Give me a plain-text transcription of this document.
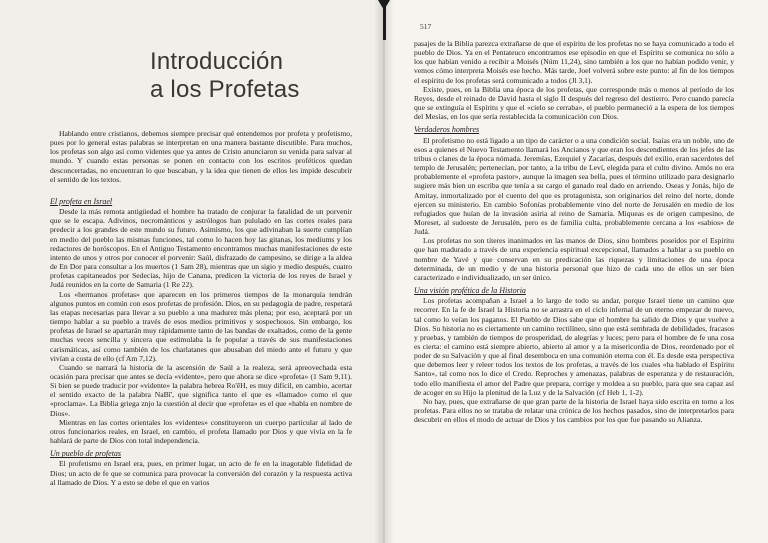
Introducción
a los Profetas

Hablando entre cristianos, debemos siempre precisar qué entendemos por profeta y profetismo, pues por lo general estas palabras se interpretan en una manera bastante discutible. Para muchos, los profetas son algo así como videntes que ya antes de Cristo anunciaron su venida para salvar al mundo. Y cuando estas personas se ponen en contacto con los escritos proféticos quedan desconcertadas, no encuentran lo que buscaban, y la idea que tienen de ellos les impide descubrir el sentido de los textos.

El profeta en Israel

Desde la más remota antigüedad el hombre ha tratado de conjurar la fatalidad de un porvenir que se le escapa. Adivinos, necrománticos y astrólogos han pululado en las cortes reales para predecir a los grandes de este mundo su futuro. Asimismo, los que adivinaban la suerte cumplían en medio del pueblo las mismas funciones, tal como lo hacen hoy las gitanas, los mediums y los redactores de horóscopos. En el Antiguo Testamento encontramos muchas manifestaciones de este intento de unos y otros por conocer el porvenir: Saúl, disfrazado de campesino, se dirige a la aldea de En Dor para consultar a los muertos (1 Sam 28), mientras que un sigio y medio después, cuatro profetas capitaneados por Sedecías, hijo de Canana, predicen la victoria de los reyes de Israel y Judá reunidos en la corte de Samaria (1 Re 22).

Los «hermanos profetas» que aparecen en los primeros tiempos de la monarquía tendrán algunos puntos en común con esos profetas de profesión. Dios, en su pedagogía de padre, respetará las etapas necesarias para llevar a su pueblo a una madurez más plena; por eso, aceptará por un tiempo hablar a su pueblo a través de esos medios primitivos y sospechosos. Sin embargo, los profetas de Israel se apartarán muy rápidamente tanto de las bandas de exaltados, como de la gente muchas veces sencilla y sincera que estimulaba la fe popular a través de sus manifestaciones carismáticas, así como también de los charlatanes que abusaban del miedo ante el futuro y que vivían a costa de ello (cf Am 7,12).

Cuando se narrará la historia de la ascensión de Saúl a la realeza, será apreovechada esta ocasión para precisar que antes se decía «vidente», pero que ahora se dice «profeta» (1 Sam 9,11). Si bien se puede traducir por «vidente» la palabra hebrea Ro'ēH, es muy difícil, en cambio, acertar el sentido exacto de la palabra NaBî', que significa tanto el que es «llamado» como el que «proclama». La Biblia griega znjo la cuestión al decir que «profeta» es el que «habla en nombre de Dios».

Mientras en las cortes orientales los «videntes» constituyeron un cuerpo particular al lado de otros funcionarios reales, en Israel, en cambio, el profeta llamado por Dios y que vivía en la fe hablará de parte de Dios con total independencia.

Un pueblo de profetas

El profetismo en Israel era, pues, en primer lugar, un acto de fe en la inagotable fidelidad de Dios; un acto de fe que se comunica para provocar la conversión del corazón y la respuesta activa al llamado de Dios. Y a esto se debe el que en varios

517

pasajes de la Biblia parezca extrañarse de que el espíritu de los profetas no se haya comunicado a todo el pueblo de Dios. Ya en el Pentateuco encontramos ese episodio en que el Espíritu se comunica no sólo a los que habían venido a recibir a Moisés (Núm 11,24), sino también a los que no habían podido venir, y vemos cómo interpreta Moisés ese hecho. Más tarde, Joel volverá sobre este punto: al fin de los tiempos el espíritu de los profetas será comunicado a todos (Jl 3,1).

Existe, pues, en la Biblia una época de los profetas, que corresponde más o menos al período de los Reyes, desde el reinado de David hasta el siglo II después del regreso del destierro. Pero cuando parecía que se extinguía el Espíritu y que el «cielo se cerraba», el pueblo permaneció a la espera de los tiempos del Mesías, en los que sería restablecida la comunicación con Dios.

Verdaderos hombres

El profetismo no está ligado a un tipo de carácter o a una condición social. Isaías era un noble, uno de esos a quienes el Nuevo Testamento llamará los Ancianos y que eran los descendientes de los jefes de las tribus o clanes de la época nómada. Jeremías, Ezequiel y Zacarías, después del exilio, eran sacerdotes del templo de Jerusalén; pertenecían, por tanto, a la tribu de Leví, elegida para el culto divino. Amós no era probablemente el «profeta pastor», aunque la imagen sea bella, pues el término utilizado para designarlo sugiere más bien un escriba que tenía a su cargo el ganado real dado en arriendo. Oseas y Jonás, hijo de Amitay, inmortalizado por el cuento del que es protagonista, son originarios del reino del norte, donde ejercen su ministerio. En cambio Sofonías probablemente vino del norte de Jerusalén en medio de los refugiados que huían de la invasión asiria al reino de Samaría. Miqueas es de origen campesino, de Moreset, al sudoeste de Jerusalén, pero es de familia culta, probablemente cercana a los «sabios» de Judá.

Los profetas no son títeres inanimados en las manos de Dios, sino hombres poseídos por el Espíritu que han madurado a través de una experiencia espiritual excepcional, llamados a hablar a su pueblo en nombre de Yavé y que conservan en su predicación las riquezas y limitaciones de una época determinada, de un medio y de una historia personal que hizo de cada uno de ellos un ser bien caracterizado e individualizado, un ser único.

Una visión profética de la Historia

Los profetas acompañan a Israel a lo largo de todo su andar, porque Israel tiene un camino que recorrer. En la fe de Israel la Historia no se arrastra en el ciclo infernal de un eterno empezar de nuevo, tal como lo veían los paganos. El Pueblo de Dios sabe que el hombre ha salido de Dios y que vuelve a Dios. Su historia no es ciertamente un camino rectilíneo, sino que está sembrada de debilidades, fracasos y pruebas, y también de tiempos de prosperidad, de alegrías y luces; pero para el hombre de fe una cosa es cierta: el camino está siempre abierto, abierto al amor y a la misericordia de Dios, reordenado por el poder de su Salvación y que al final desemboca en una comunión eterna con él. Es desde esta perspectiva que debemos leer y releer todos los textos de los profetas, a través de los cuales «ha hablado el Espíritu Santo», tal como nos lo dice el Credo. Reproches y amenazas, palabras de esperanza y de restauración, todo ello manifiesta el amor del Padre que prepara, corrige y moldea a su pueblo, para que sea capaz así de acoger en su Hijo la plenitud de la Luz y de la Salvación (cf Heb 1, 1-2).

No hay, pues, que extrañarse de que gran parte de la historia de Israel haya sido escrita en torno a los profetas. Para ellos no se trataba de relatar una crónica de los hechos pasados, sino de interpretarlos para descubrir en ellos el modo de actuar de Dios y los cambios por los que fue pasando su Alianza.
